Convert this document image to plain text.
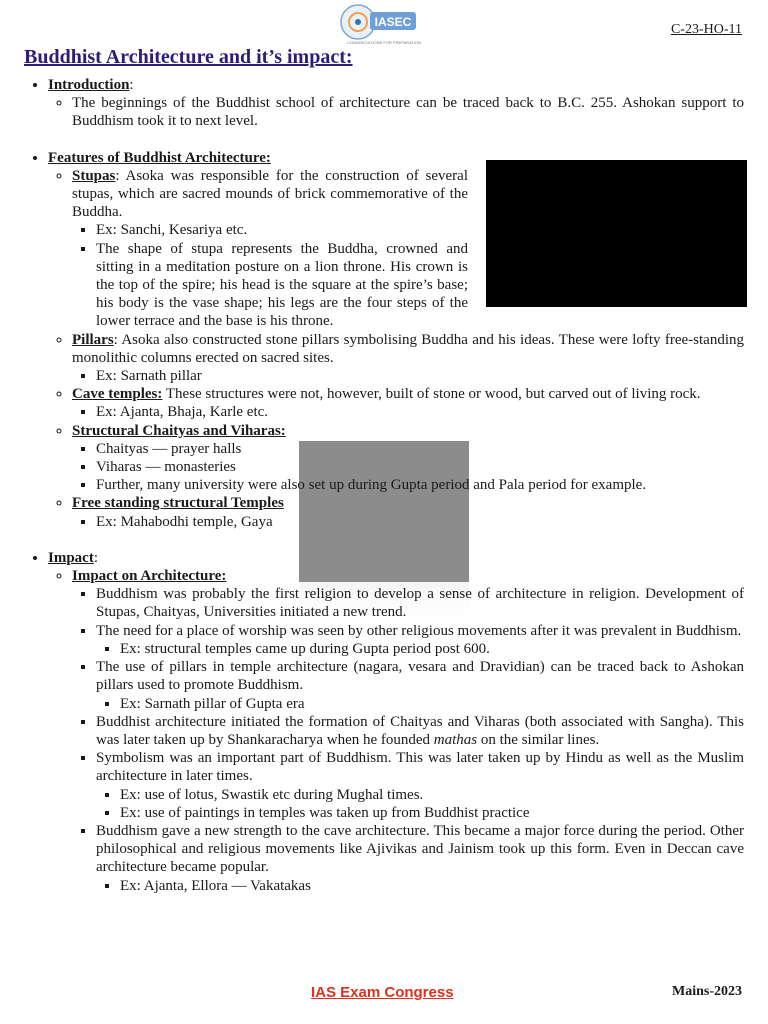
IASEC
CONGREGATIONS FOR PREPARATION
C-23-HO-11
Buddhist Architecture and it’s impact:
• Introduction:
◦ The beginnings of the Buddhist school of architecture can be traced back to B.C. 255. Ashokan support to Buddhism took it to next level.
• Features of Buddhist Architecture:
◦ Stupas: Asoka was responsible for the construction of several stupas, which are sacred mounds of brick commemorative of the Buddha.
▪ Ex: Sanchi, Kesariya etc.
▪ The shape of stupa represents the Buddha, crowned and sitting in a meditation posture on a lion throne. His crown is the top of the spire; his head is the square at the spire’s base; his body is the vase shape; his legs are the four steps of the lower terrace and the base is his throne.
◦ Pillars: Asoka also constructed stone pillars symbolising Buddha and his ideas. These were lofty free-standing monolithic columns erected on sacred sites.
▪ Ex: Sarnath pillar
◦ Cave temples: These structures were not, however, built of stone or wood, but carved out of living rock.
▪ Ex: Ajanta, Bhaja, Karle etc.
◦ Structural Chaityas and Viharas:
▪ Chaityas — prayer halls
▪ Viharas — monasteries
▪ Further, many university were also set up during Gupta period and Pala period for example.
◦ Free standing structural Temples
▪ Ex: Mahabodhi temple, Gaya
• Impact:
◦ Impact on Architecture:
▪ Buddhism was probably the first religion to develop a sense of architecture in religion. Development of Stupas, Chaityas, Universities initiated a new trend.
▪ The need for a place of worship was seen by other religious movements after it was prevalent in Buddhism.
▪ Ex: structural temples came up during Gupta period post 600.
▪ The use of pillars in temple architecture (nagara, vesara and Dravidian) can be traced back to Ashokan pillars used to promote Buddhism.
▪ Ex: Sarnath pillar of Gupta era
▪ Buddhist architecture initiated the formation of Chaityas and Viharas (both associated with Sangha). This was later taken up by Shankaracharya when he founded mathas on the similar lines.
▪ Symbolism was an important part of Buddhism. This was later taken up by Hindu as well as the Muslim architecture in later times.
▪ Ex: use of lotus, Swastik etc during Mughal times.
▪ Ex: use of paintings in temples was taken up from Buddhist practice
▪ Buddhism gave a new strength to the cave architecture. This became a major force during the period. Other philosophical and religious movements like Ajivikas and Jainism took up this form. Even in Deccan cave architecture became popular.
▪ Ex: Ajanta, Ellora — Vakatakas
IAS Exam Congress	Mains-2023
